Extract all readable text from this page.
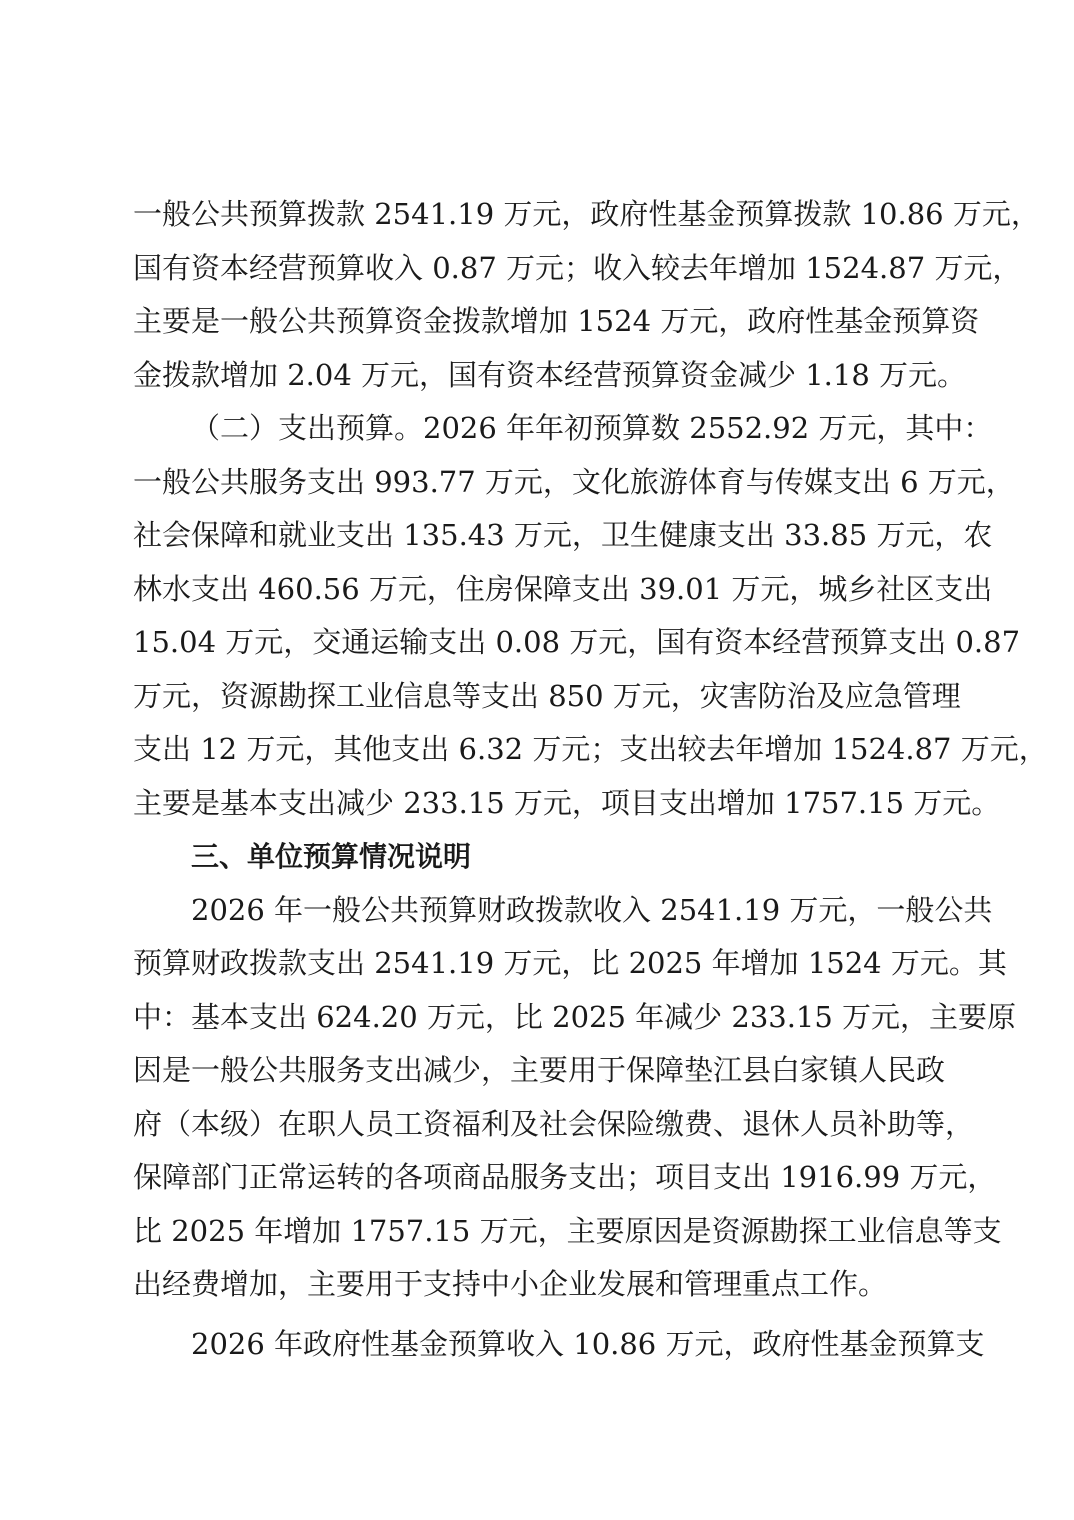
一般公共预算拨款 2541.19 万元，政府性基金预算拨款 10.86 万元，
国有资本经营预算收入 0.87 万元；收入较去年增加 1524.87 万元，
主要是一般公共预算资金拨款增加 1524 万元，政府性基金预算资
金拨款增加 2.04 万元，国有资本经营预算资金减少 1.18 万元。

（二）支出预算。2026 年年初预算数 2552.92 万元，其中：
一般公共服务支出 993.77 万元，文化旅游体育与传媒支出 6 万元，
社会保障和就业支出 135.43 万元，卫生健康支出 33.85 万元，农
林水支出 460.56 万元，住房保障支出 39.01 万元，城乡社区支出
15.04 万元，交通运输支出 0.08 万元，国有资本经营预算支出 0.87
万元，资源勘探工业信息等支出 850 万元，灾害防治及应急管理
支出 12 万元，其他支出 6.32 万元；支出较去年增加 1524.87 万元，
主要是基本支出减少 233.15 万元，项目支出增加 1757.15 万元。

三、单位预算情况说明

2026 年一般公共预算财政拨款收入 2541.19 万元，一般公共
预算财政拨款支出 2541.19 万元，比 2025 年增加 1524 万元。其
中：基本支出 624.20 万元，比 2025 年减少 233.15 万元，主要原
因是一般公共服务支出减少，主要用于保障垫江县白家镇人民政
府（本级）在职人员工资福利及社会保险缴费、退休人员补助等，
保障部门正常运转的各项商品服务支出；项目支出 1916.99 万元，
比 2025 年增加 1757.15 万元，主要原因是资源勘探工业信息等支
出经费增加，主要用于支持中小企业发展和管理重点工作。

2026 年政府性基金预算收入 10.86 万元，政府性基金预算支
